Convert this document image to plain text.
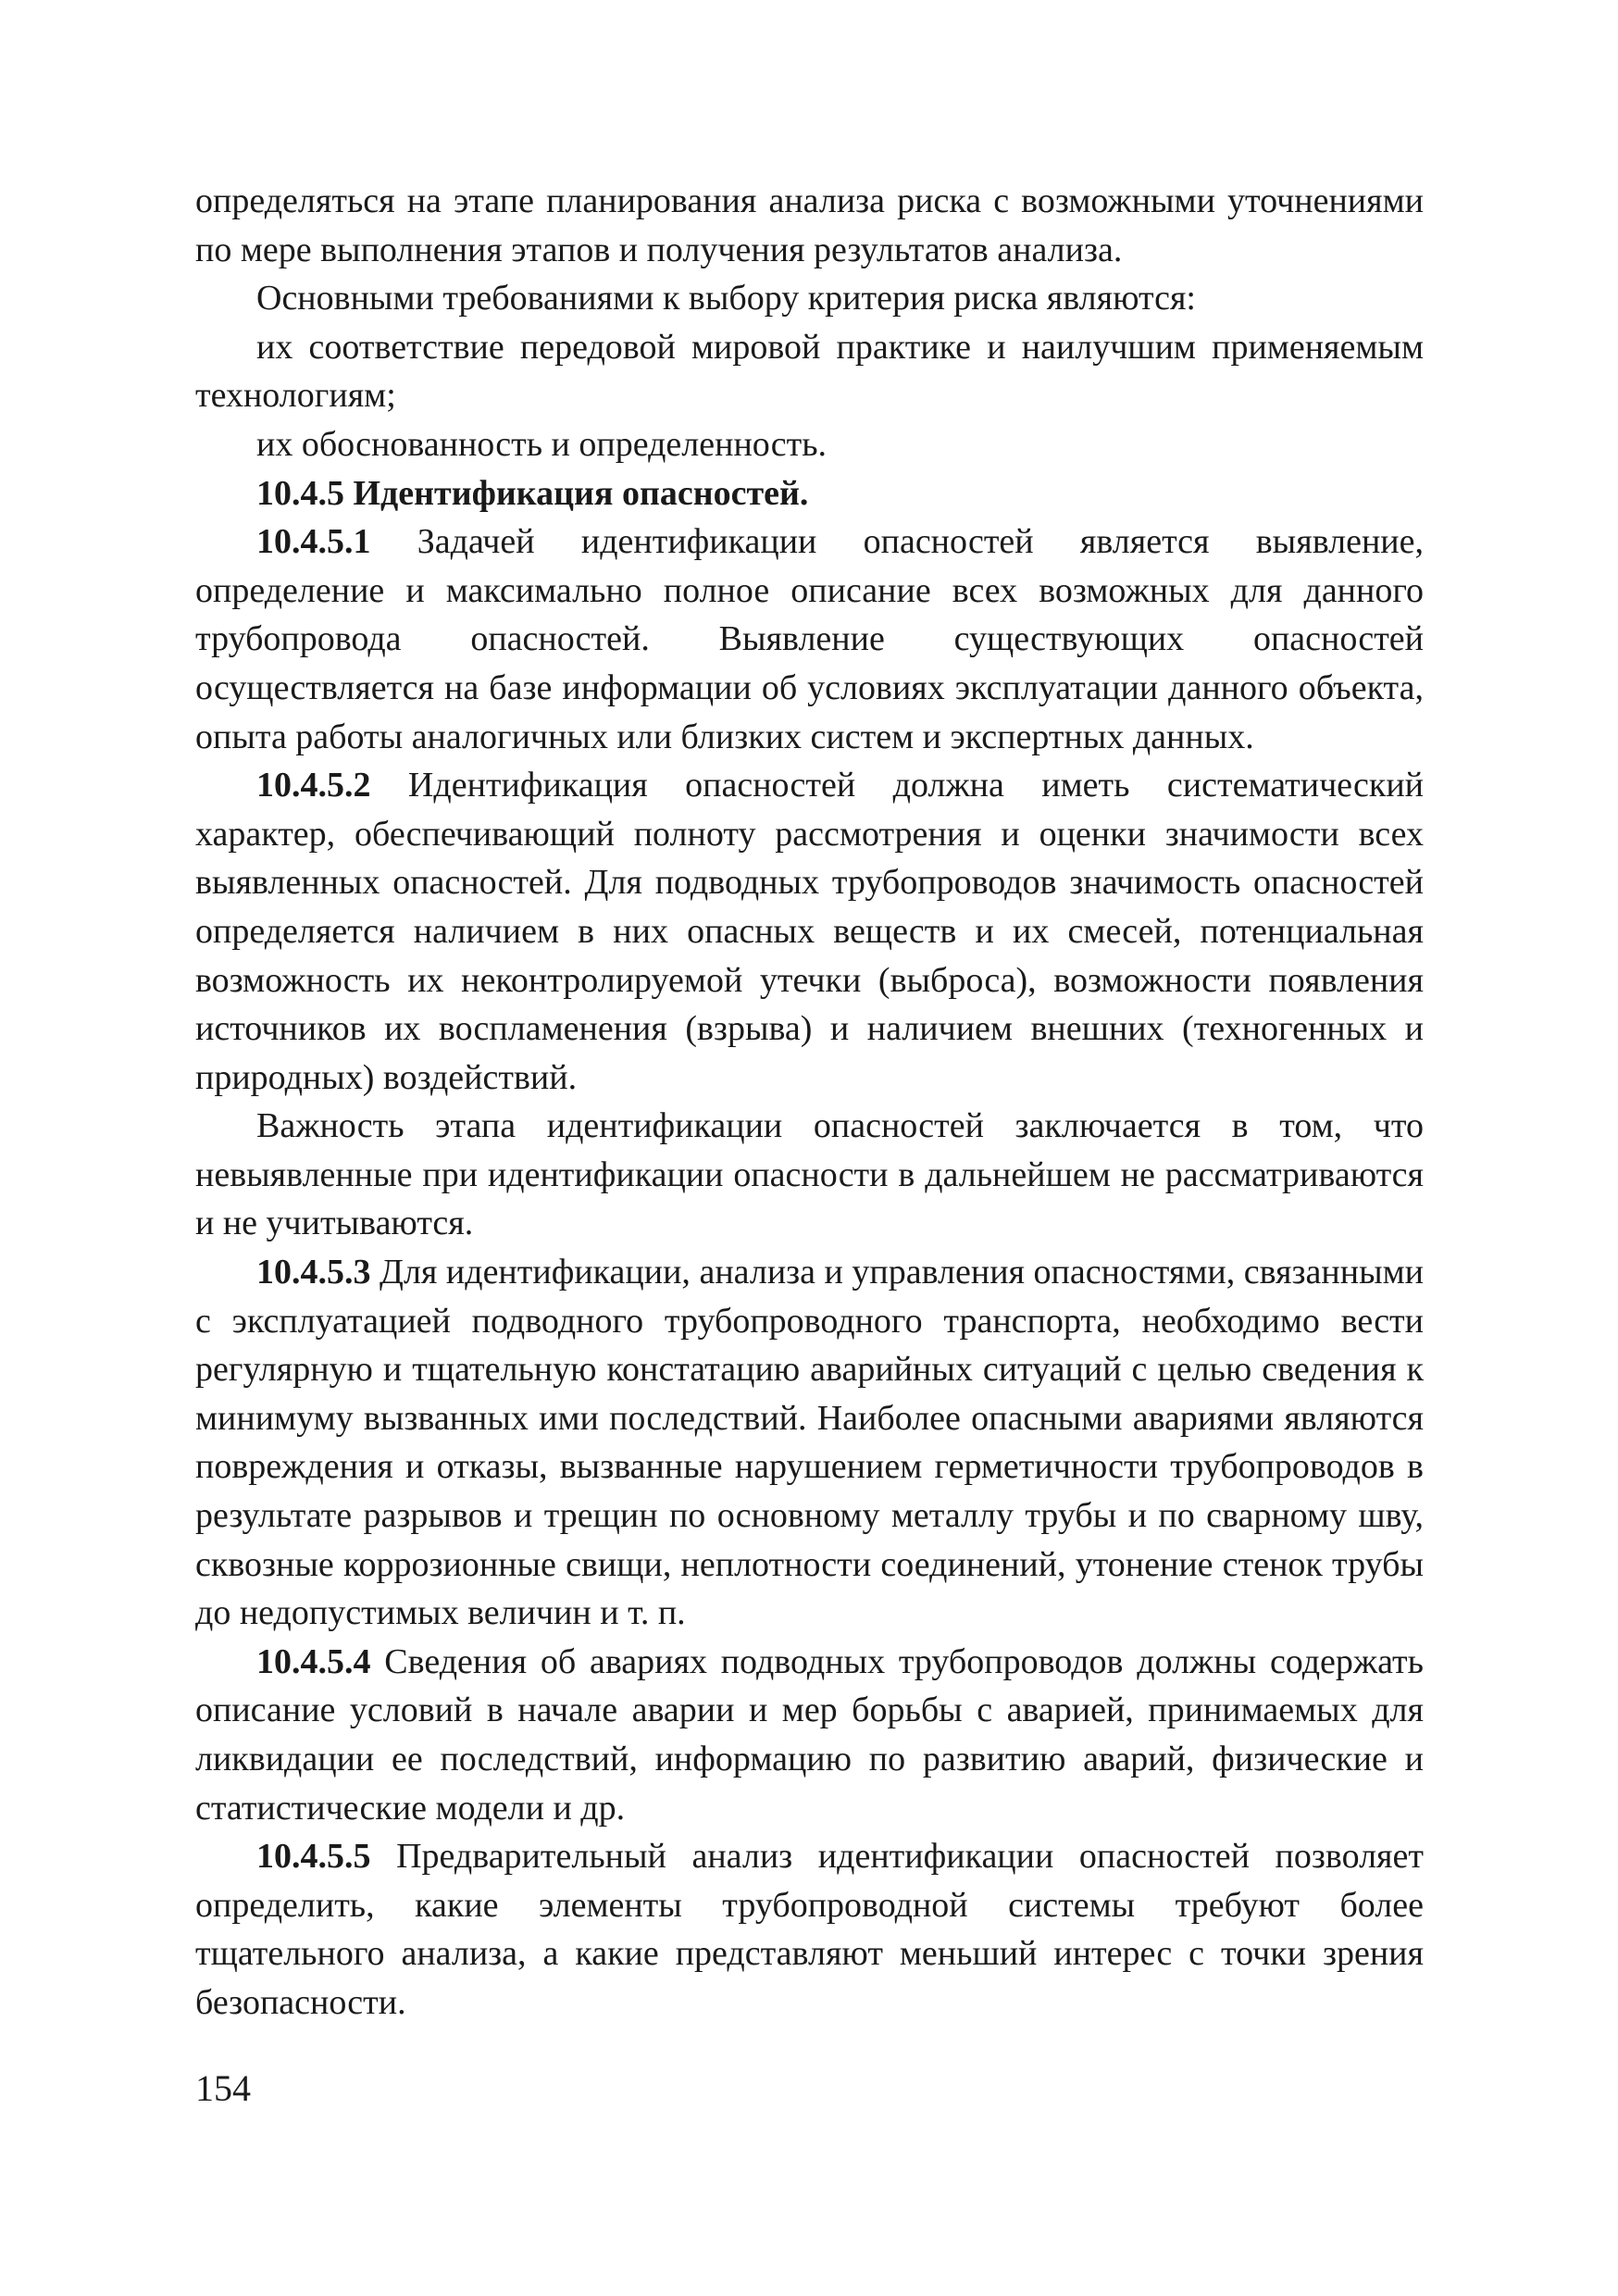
определяться на этапе планирования анализа риска с возможными уточнениями по мере выполнения этапов и получения результатов анализа.

Основными требованиями к выбору критерия риска являются:

их соответствие передовой мировой практике и наилучшим применяемым технологиям;

их обоснованность и определенность.

10.4.5 Идентификация опасностей.

10.4.5.1 Задачей идентификации опасностей является выявление, определение и максимально полное описание всех возможных для данного трубопровода опасностей. Выявление существующих опасностей осуществляется на базе информации об условиях эксплуатации данного объекта, опыта работы аналогичных или близких систем и экспертных данных.

10.4.5.2 Идентификация опасностей должна иметь систематический характер, обеспечивающий полноту рассмотрения и оценки значимости всех выявленных опасностей. Для подводных трубопроводов значимость опасностей определяется наличием в них опасных веществ и их смесей, потенциальная возможность их неконтролируемой утечки (выброса), возможности появления источников их воспламенения (взрыва) и наличием внешних (техногенных и природных) воздействий.

Важность этапа идентификации опасностей заключается в том, что невыявленные при идентификации опасности в дальнейшем не рассматриваются и не учитываются.

10.4.5.3 Для идентификации, анализа и управления опасностями, связанными с эксплуатацией подводного трубопроводного транспорта, необходимо вести регулярную и тщательную констатацию аварийных ситуаций с целью сведения к минимуму вызванных ими последствий. Наиболее опасными авариями являются повреждения и отказы, вызванные нарушением герметичности трубопроводов в результате разрывов и трещин по основному металлу трубы и по сварному шву, сквозные коррозионные свищи, неплотности соединений, утонение стенок трубы до недопустимых величин и т. п.

10.4.5.4 Сведения об авариях подводных трубопроводов должны содержать описание условий в начале аварии и мер борьбы с аварией, принимаемых для ликвидации ее последствий, информацию по развитию аварий, физические и статистические модели и др.

10.4.5.5 Предварительный анализ идентификации опасностей позволяет определить, какие элементы трубопроводной системы требуют более тщательного анализа, а какие представляют меньший интерес с точки зрения безопасности.

154
